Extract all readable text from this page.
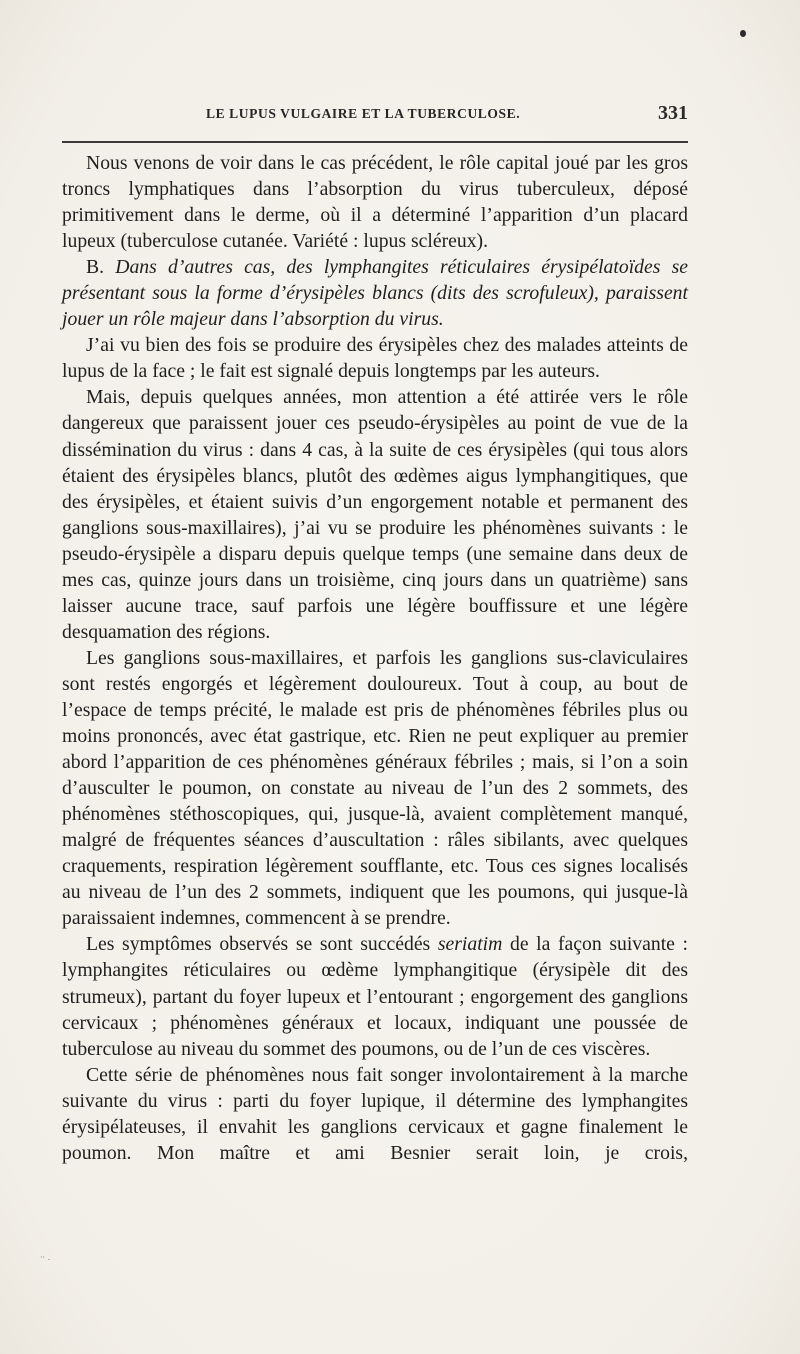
LE LUPUS VULGAIRE ET LA TUBERCULOSE.	331

Nous venons de voir dans le cas précédent, le rôle capital joué par les gros troncs lymphatiques dans l’absorption du virus tuberculeux, déposé primitivement dans le derme, où il a déterminé l’apparition d’un placard lupeux (tuberculose cutanée. Variété : lupus scléreux).

B. Dans d’autres cas, des lymphangites réticulaires érysipélatoïdes se présentant sous la forme d’érysipèles blancs (dits des scrofuleux), paraissent jouer un rôle majeur dans l’absorption du virus.

J’ai vu bien des fois se produire des érysipèles chez des malades atteints de lupus de la face ; le fait est signalé depuis longtemps par les auteurs.

Mais, depuis quelques années, mon attention a été attirée vers le rôle dangereux que paraissent jouer ces pseudo-érysipèles au point de vue de la dissémination du virus : dans 4 cas, à la suite de ces érysipèles (qui tous alors étaient des érysipèles blancs, plutôt des œdèmes aigus lymphangitiques, que des érysipèles, et étaient suivis d’un engorgement notable et permanent des ganglions sous-maxillaires), j’ai vu se produire les phénomènes suivants : le pseudo-érysipèle a disparu depuis quelque temps (une semaine dans deux de mes cas, quinze jours dans un troisième, cinq jours dans un quatrième) sans laisser aucune trace, sauf parfois une légère bouffissure et une légère desquamation des régions.

Les ganglions sous-maxillaires, et parfois les ganglions sus-claviculaires sont restés engorgés et légèrement douloureux. Tout à coup, au bout de l’espace de temps précité, le malade est pris de phénomènes fébriles plus ou moins prononcés, avec état gastrique, etc. Rien ne peut expliquer au premier abord l’apparition de ces phénomènes généraux fébriles ; mais, si l’on a soin d’ausculter le poumon, on constate au niveau de l’un des 2 sommets, des phénomènes stéthoscopiques, qui, jusque-là, avaient complètement manqué, malgré de fréquentes séances d’auscultation : râles sibilants, avec quelques craquements, respiration légèrement soufflante, etc. Tous ces signes localisés au niveau de l’un des 2 sommets, indiquent que les poumons, qui jusque-là paraissaient indemnes, commencent à se prendre.

Les symptômes observés se sont succédés seriatim de la façon suivante : lymphangites réticulaires ou œdème lymphangitique (érysipèle dit des strumeux), partant du foyer lupeux et l’entourant ; engorgement des ganglions cervicaux ; phénomènes généraux et locaux, indiquant une poussée de tuberculose au niveau du sommet des poumons, ou de l’un de ces viscères.

Cette série de phénomènes nous fait songer involontairement à la marche suivante du virus : parti du foyer lupique, il détermine des lymphangites érysipélateuses, il envahit les ganglions cervicaux et gagne finalement le poumon. Mon maître et ami Besnier serait loin, je crois,

·· .
